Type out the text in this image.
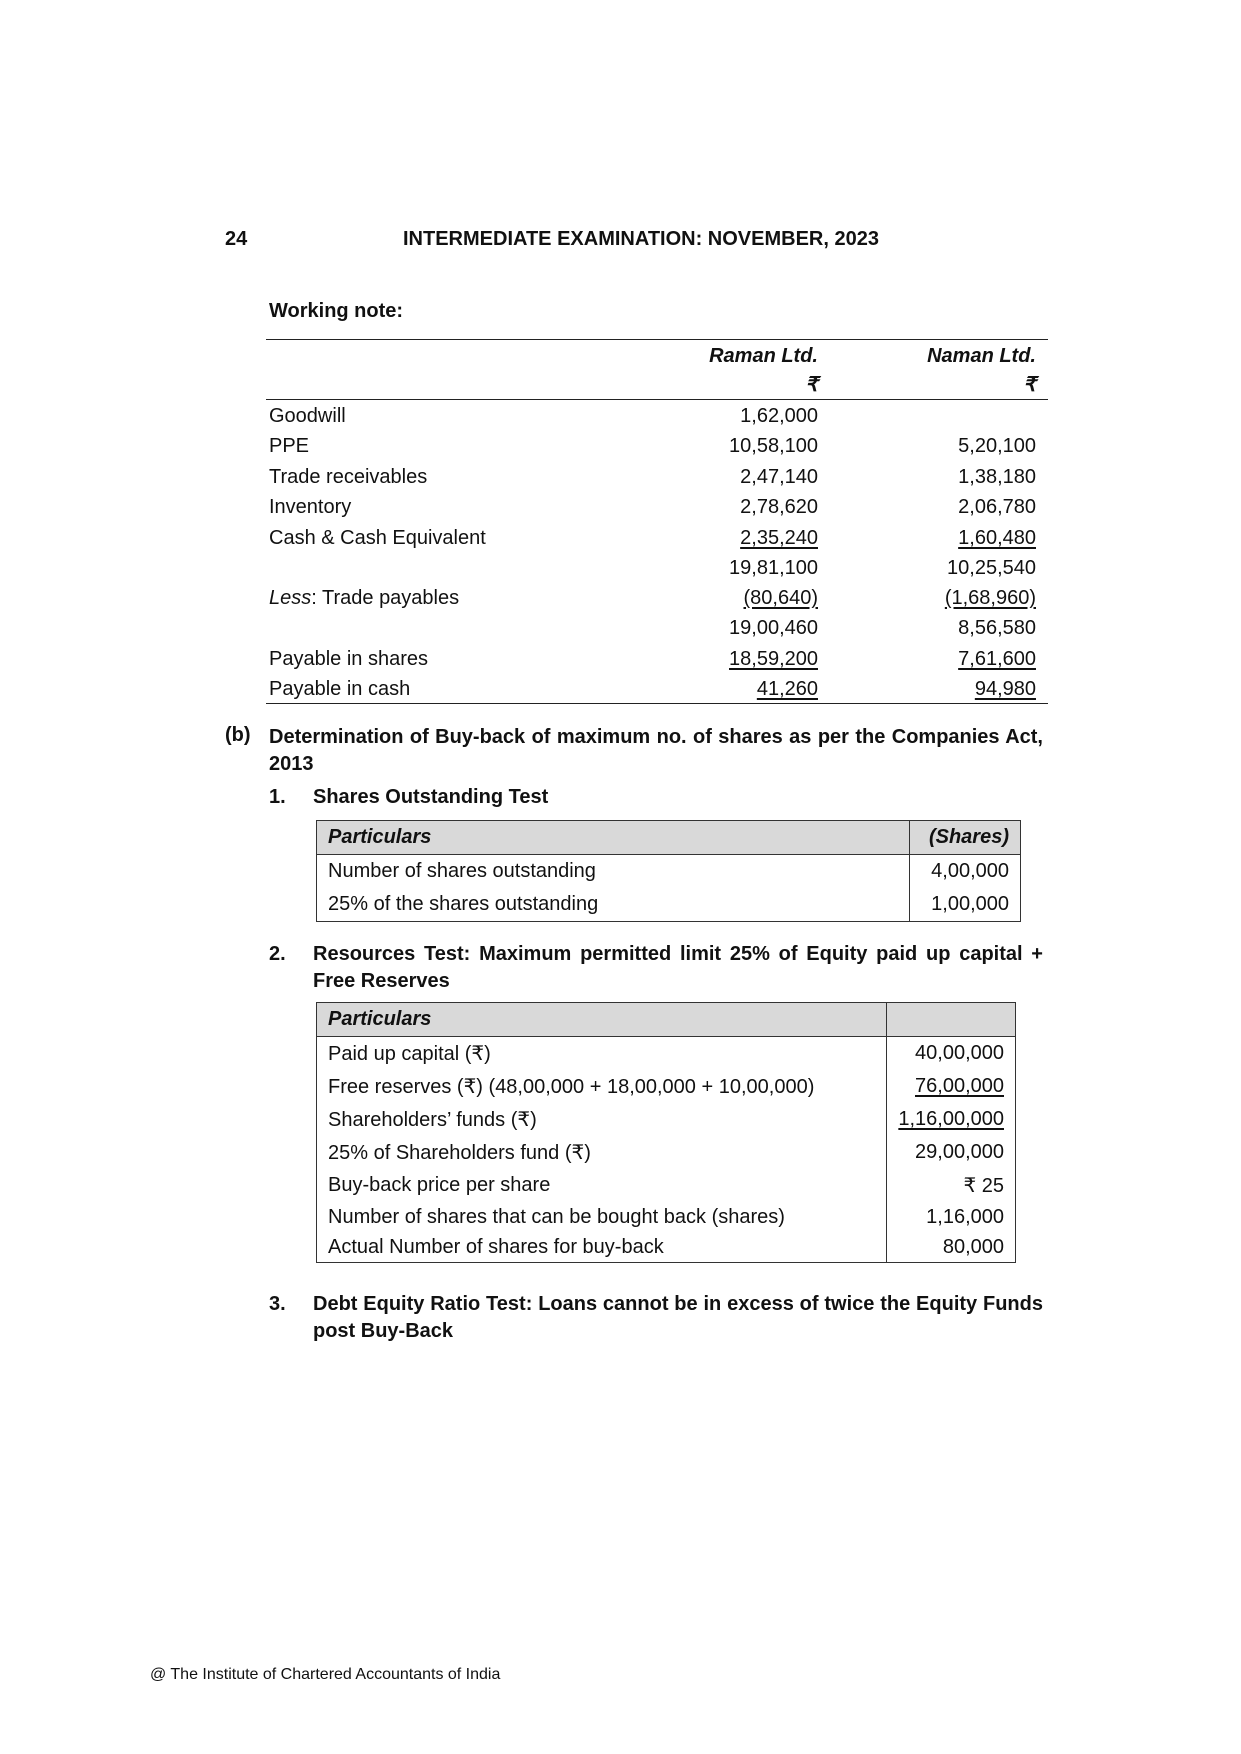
24	INTERMEDIATE EXAMINATION: NOVEMBER, 2023
Working note:
Raman Ltd.	Naman Ltd.
₹	₹
Goodwill	1,62,000
PPE	10,58,100	5,20,100
Trade receivables	2,47,140	1,38,180
Inventory	2,78,620	2,06,780
Cash & Cash Equivalent	2,35,240	1,60,480
19,81,100	10,25,540
Less: Trade payables	(80,640)	(1,68,960)
19,00,460	8,56,580
Payable in shares	18,59,200	7,61,600
Payable in cash	41,260	94,980
(b) Determination of Buy-back of maximum no. of shares as per the Companies Act, 2013
1. Shares Outstanding Test
Particulars	(Shares)
Number of shares outstanding	4,00,000
25% of the shares outstanding	1,00,000
2. Resources Test: Maximum permitted limit 25% of Equity paid up capital + Free Reserves
Particulars	
Paid up capital (₹)	40,00,000
Free reserves (₹) (48,00,000 + 18,00,000 + 10,00,000)	76,00,000
Shareholders’ funds (₹)	1,16,00,000
25% of Shareholders fund (₹)	29,00,000
Buy-back price per share	₹ 25
Number of shares that can be bought back (shares)	1,16,000
Actual Number of shares for buy-back	80,000
3. Debt Equity Ratio Test: Loans cannot be in excess of twice the Equity Funds post Buy-Back
@ The Institute of Chartered Accountants of India
